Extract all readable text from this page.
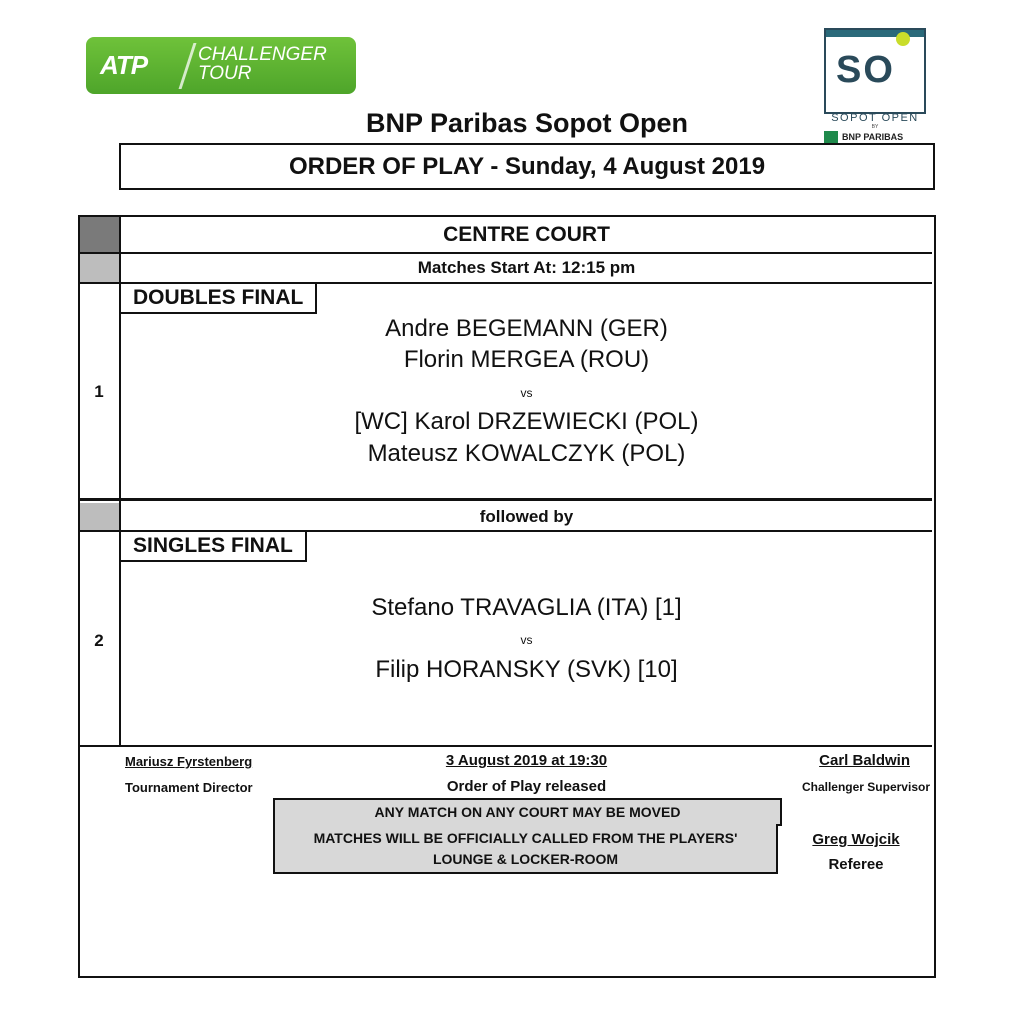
ATP	CHALLENGER
TOUR	SO
SOPOT OPEN
BY
BNP PARIBAS
BNP Paribas Sopot Open
ORDER OF PLAY - Sunday, 4 August 2019
CENTRE COURT
Matches Start At: 12:15 pm
1
DOUBLES FINAL
Andre BEGEMANN (GER)
Florin MERGEA (ROU)
vs
[WC] Karol DRZEWIECKI (POL)
Mateusz KOWALCZYK (POL)
followed by
2
SINGLES FINAL
Stefano TRAVAGLIA (ITA) [1]
vs
Filip HORANSKY (SVK) [10]
Mariusz Fyrstenberg
Tournament Director
3 August 2019 at 19:30
Order of Play released
Carl Baldwin
Challenger Supervisor
ANY MATCH ON ANY COURT MAY BE MOVED
MATCHES WILL BE OFFICIALLY CALLED FROM THE PLAYERS'
LOUNGE & LOCKER-ROOM
Greg Wojcik
Referee
